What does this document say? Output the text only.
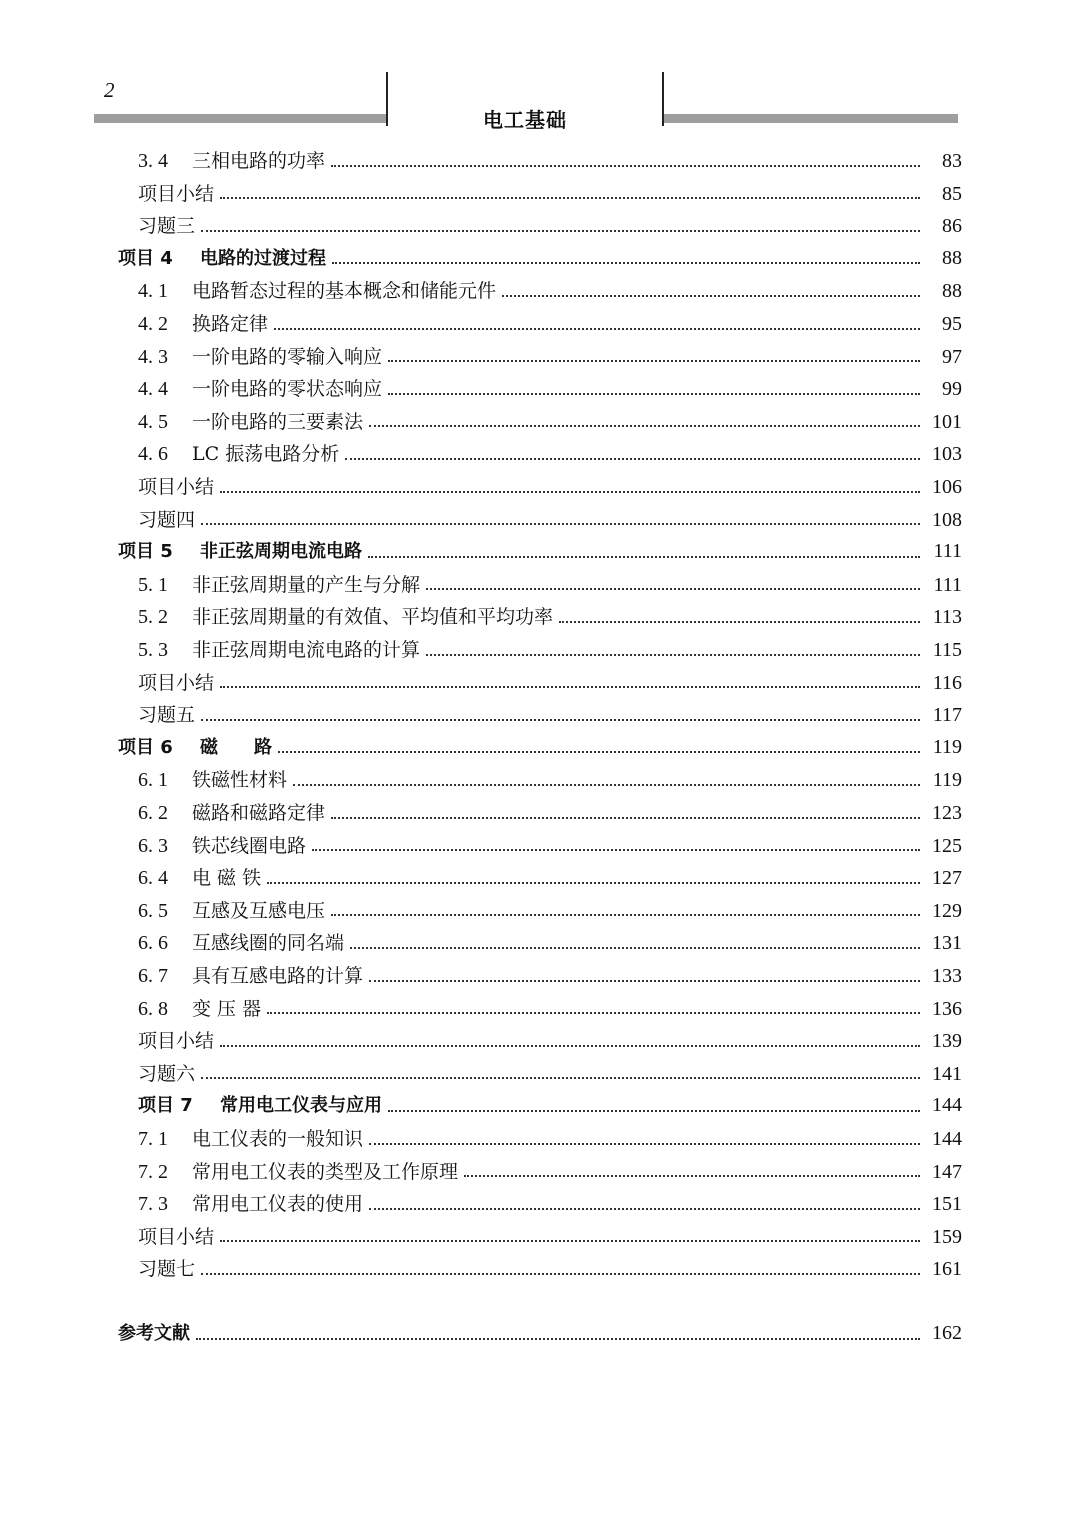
2
电工基础
3. 4	三相电路的功率	83
项目小结	85
习题三	86
项目 4	电路的过渡过程	88
4. 1	电路暂态过程的基本概念和储能元件	88
4. 2	换路定律	95
4. 3	一阶电路的零输入响应	97
4. 4	一阶电路的零状态响应	99
4. 5	一阶电路的三要素法	101
4. 6	LC 振荡电路分析	103
项目小结	106
习题四	108
项目 5	非正弦周期电流电路	111
5. 1	非正弦周期量的产生与分解	111
5. 2	非正弦周期量的有效值、平均值和平均功率	113
5. 3	非正弦周期电流电路的计算	115
项目小结	116
习题五	117
项目 6	磁　　路	119
6. 1	铁磁性材料	119
6. 2	磁路和磁路定律	123
6. 3	铁芯线圈电路	125
6. 4	电 磁 铁	127
6. 5	互感及互感电压	129
6. 6	互感线圈的同名端	131
6. 7	具有互感电路的计算	133
6. 8	变 压 器	136
项目小结	139
习题六	141
项目 7	常用电工仪表与应用	144
7. 1	电工仪表的一般知识	144
7. 2	常用电工仪表的类型及工作原理	147
7. 3	常用电工仪表的使用	151
项目小结	159
习题七	161
参考文献	162
